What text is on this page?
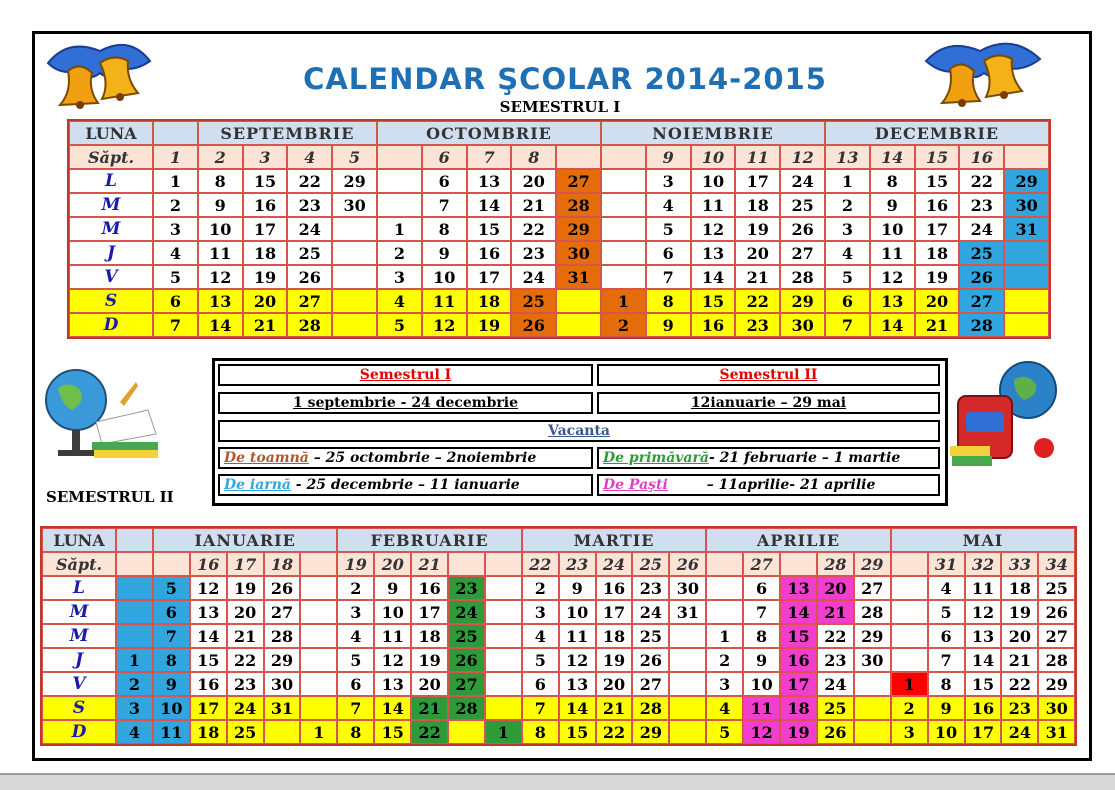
CALENDAR ŞCOLAR 2014-2015
SEMESTRUL I
SEMESTRUL II
LUNA		SEPTEMBRIE				OCTOMBRIE					NOIEMBRIE					DECEMBRIE				
Săpt.	1	2	3	4	5		6	7	8			9	10	11	12	13	14	15	16	
L	1	8	15	22	29		6	13	20	27		3	10	17	24	1	8	15	22	29
M	2	9	16	23	30		7	14	21	28		4	11	18	25	2	9	16	23	30
M	3	10	17	24		1	8	15	22	29		5	12	19	26	3	10	17	24	31
J	4	11	18	25		2	9	16	23	30		6	13	20	27	4	11	18	25	
V	5	12	19	26		3	10	17	24	31		7	14	21	28	5	12	19	26	
S	6	13	20	27		4	11	18	25		1	8	15	22	29	6	13	20	27	
D	7	14	21	28		5	12	19	26		2	9	16	23	30	7	14	21	28	
LUNA		IANUARIE					FEBRUARIE					MARTIE					APRILIE					MAI				
Săpt.			16	17	18		19	20	21			22	23	24	25	26		27		28	29		31	32	33	34
L		5	12	19	26		2	9	16	23		2	9	16	23	30		6	13	20	27		4	11	18	25
M		6	13	20	27		3	10	17	24		3	10	17	24	31		7	14	21	28		5	12	19	26
M		7	14	21	28		4	11	18	25		4	11	18	25		1	8	15	22	29		6	13	20	27
J	1	8	15	22	29		5	12	19	26		5	12	19	26		2	9	16	23	30		7	14	21	28
V	2	9	16	23	30		6	13	20	27		6	13	20	27		3	10	17	24		1	8	15	22	29
S	3	10	17	24	31		7	14	21	28		7	14	21	28		4	11	18	25		2	9	16	23	30
D	4	11	18	25		1	8	15	22		1	8	15	22	29		5	12	19	26		3	10	17	24	31
Semestrul I	Semestrul II
1 septembrie - 24 decembrie	12ianuarie – 29 mai
Vacanta
De toamnă – 25 octombrie – 2noiembrie	De primăvară - 21 februarie – 1 martie
De iarnă - 25 decembrie – 11 ianuarie	De Paşti – 11aprilie- 21 aprilie
